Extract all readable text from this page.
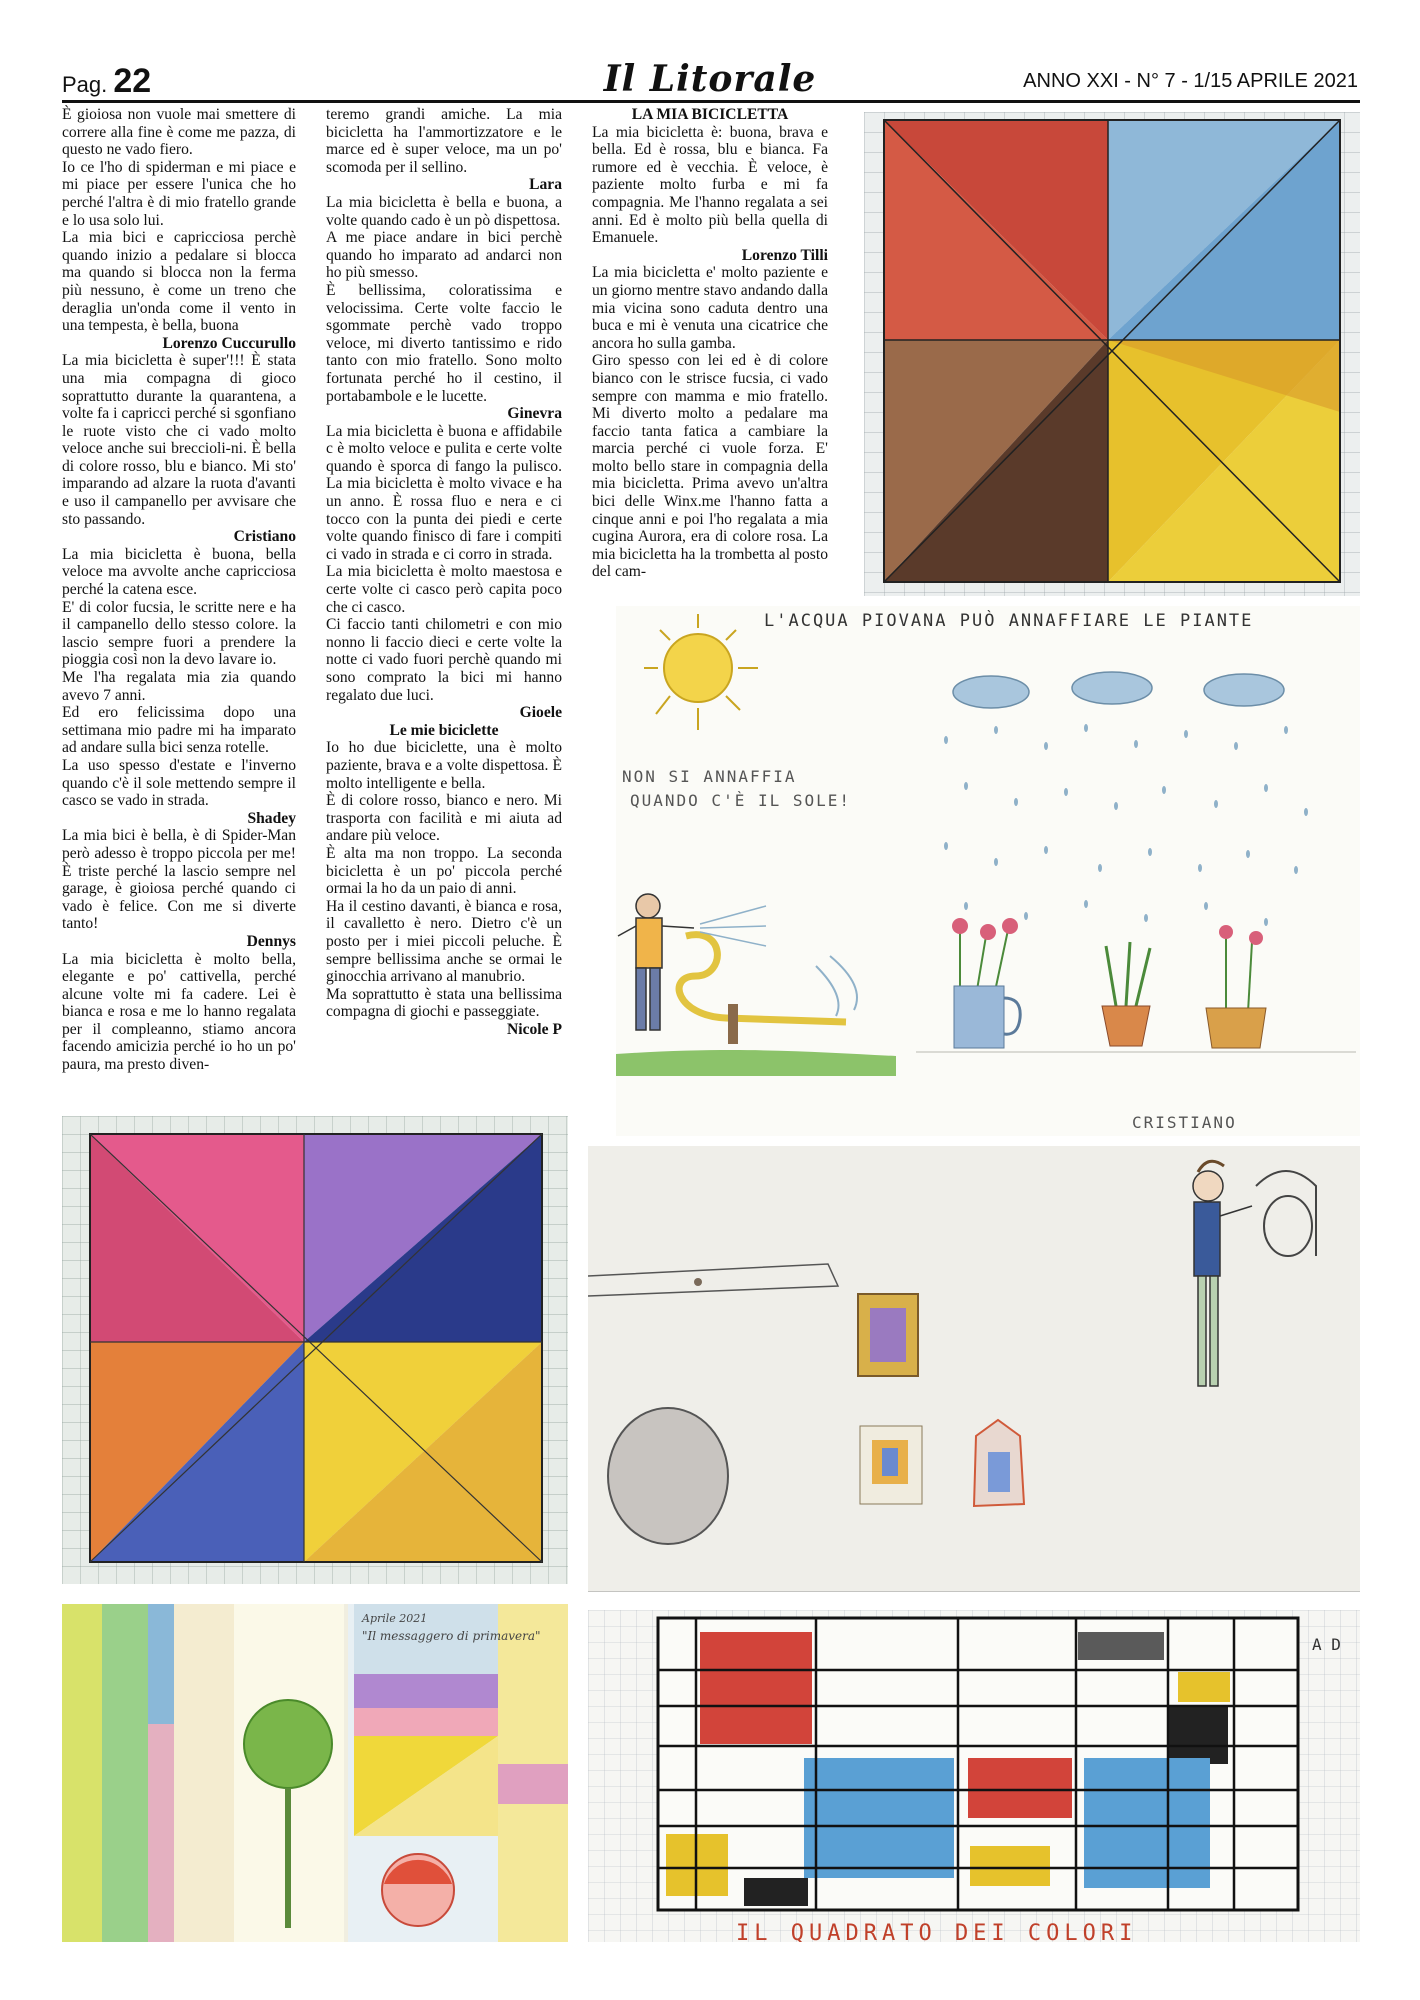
Pag. 22	Il Litorale	ANNO XXI - N° 7 - 1/15 APRILE 2021

È gioiosa non vuole mai smettere di correre alla fine è come me pazza, di questo ne vado fiero.

Io ce l'ho di spiderman e mi piace e mi piace per essere l'unica che ho perché l'altra è di mio fratello grande e lo usa solo lui.

La mia bici e capricciosa perchè quando inizio a pedalare si blocca ma quando si blocca non la ferma più nessuno, è come un treno che deraglia un'onda come il vento in una tempesta, è bella, buona

Lorenzo Cuccurullo

La mia bicicletta è super'!!! È stata una mia compagna di gioco soprattutto durante la quarantena, a volte fa i capricci perché si sgonfiano le ruote visto che ci vado molto veloce anche sui breccioli-ni. È bella di colore rosso, blu e bianco. Mi sto' imparando ad alzare la ruota d'avanti e uso il campanello per avvisare che sto passando.

Cristiano

La mia bicicletta è buona, bella veloce ma avvolte anche capricciosa perché la catena esce.

E' di color fucsia, le scritte nere e ha il campanello dello stesso colore. la lascio sempre fuori a prendere la pioggia così non la devo lavare io.

Me l'ha regalata mia zia quando avevo 7 anni.

Ed ero felicissima dopo una settimana mio padre mi ha imparato ad andare sulla bici senza rotelle.

La uso spesso d'estate e l'inverno quando c'è il sole mettendo sempre il casco se vado in strada.

Shadey

La mia bici è bella, è di Spider-Man però adesso è troppo piccola per me! È triste perché la lascio sempre nel garage, è gioiosa perché quando ci vado è felice. Con me si diverte tanto!

Dennys

La mia bicicletta è molto bella, elegante e po' cattivella, perché alcune volte mi fa cadere. Lei è bianca e rosa e me lo hanno regalata per il compleanno, stiamo ancora facendo amicizia perché io ho un po' paura, ma presto diven-

teremo grandi amiche. La mia bicicletta ha l'ammortizzatore e le marce ed è super veloce, ma un po' scomoda per il sellino.

Lara

La mia bicicletta è bella e buona, a volte quando cado è un pò dispettosa.

A me piace andare in bici perchè quando ho imparato ad andarci non ho più smesso.

È bellissima, coloratissima e velocissima. Certe volte faccio le sgommate perchè vado troppo veloce, mi diverto tantissimo e rido tanto con mio fratello. Sono molto fortunata perché ho il cestino, il portabambole e le lucette.

Ginevra

La mia bicicletta è buona e affidabile c è molto veloce e pulita e certe volte quando è sporca di fango la pulisco. La mia bicicletta è molto vivace e ha un anno. È rossa fluo e nera e ci tocco con la punta dei piedi e certe volte quando finisco di fare i compiti ci vado in strada e ci corro in strada.

La mia bicicletta è molto maestosa e certe volte ci casco però capita poco che ci casco.

Ci faccio tanti chilometri e con mio nonno li faccio dieci e certe volte la notte ci vado fuori perchè quando mi sono comprato la bici mi hanno regalato due luci.

Gioele

Le mie biciclette

Io ho due biciclette, una è molto paziente, brava e a volte dispettosa. È molto intelligente e bella.

È di colore rosso, bianco e nero. Mi trasporta con facilità e mi aiuta ad andare più veloce.

È alta ma non troppo. La seconda bicicletta è un po' piccola perché ormai la ho da un paio di anni.

Ha il cestino davanti, è bianca e rosa, il cavalletto è nero. Dietro c'è un posto per i miei piccoli peluche. È sempre bellissima anche se ormai le ginocchia arrivano al manubrio.

Ma soprattutto è stata una bellissima compagna di giochi e passeggiate.

Nicole P

LA MIA BICICLETTA

La mia bicicletta è: buona, brava e bella. Ed è rossa, blu e bianca. Fa rumore ed è vecchia. È veloce, è paziente molto furba e mi fa compagnia. Me l'hanno regalata a sei anni. Ed è molto più bella quella di Emanuele.

Lorenzo Tilli

La mia bicicletta e' molto paziente e un giorno mentre stavo andando dalla mia vicina sono caduta dentro una buca e mi è venuta una cicatrice che ancora ho sulla gamba.

Giro spesso con lei ed è di colore bianco con le strisce fucsia, ci vado sempre con mamma e mio fratello. Mi diverto molto a pedalare ma faccio tanta fatica a cambiare la marcia perché ci vuole forza. E' molto bello stare in compagnia della mia bicicletta. Prima avevo un'altra bici delle Winx.me l'hanno fatta a cinque anni e poi l'ho regalata a mia cugina Aurora, era di colore rosa. La mia bicicletta ha la trombetta al posto del cam-

L'ACQUA PIOVANA PUÒ ANNAFFIARE LE PIANTE
NON SI ANNAFFIA
QUANDO C'È IL SOLE!
CRISTIANO
Aprile 2021
"Il messaggero di primavera"
IL QUADRATO DEI COLORI
A D
